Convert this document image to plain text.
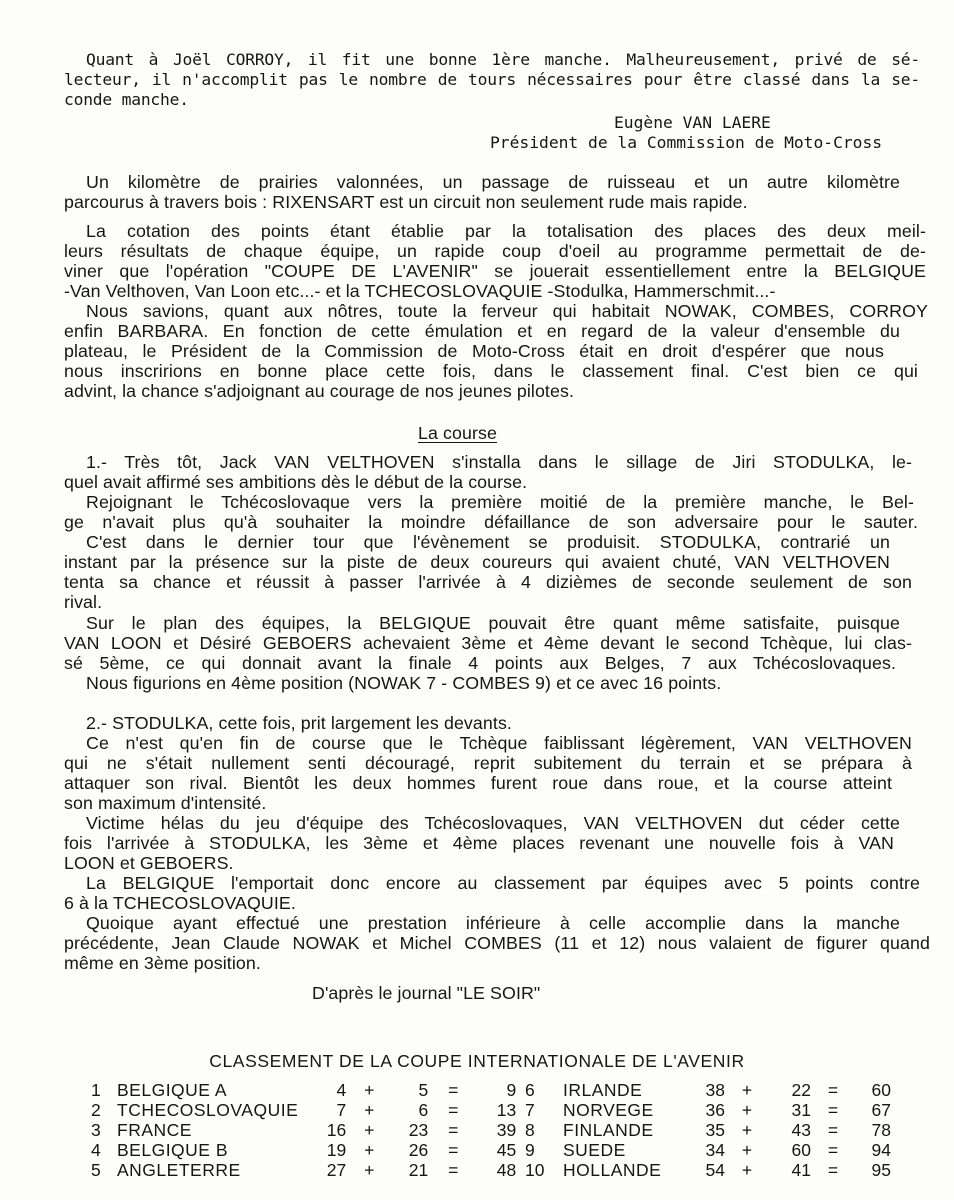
Quant à Joël CORROY, il fit une bonne 1ère manche. Malheureusement, privé de sé-
lecteur, il n'accomplit pas le nombre de tours nécessaires pour être classé dans la se-
conde manche.
Eugène VAN LAERE
Président de la Commission de Moto-Cross
Un kilomètre de prairies valonnées, un passage de ruisseau et un autre kilomètre
parcourus à travers bois : RIXENSART est un circuit non seulement rude mais rapide.
La cotation des points étant établie par la totalisation des places des deux meil-
leurs résultats de chaque équipe, un rapide coup d'oeil au programme permettait de de-
viner que l'opération "COUPE DE L'AVENIR" se jouerait essentiellement entre la BELGIQUE
-Van Velthoven, Van Loon etc...- et la TCHECOSLOVAQUIE -Stodulka, Hammerschmit...-
Nous savions, quant aux nôtres, toute la ferveur qui habitait NOWAK, COMBES, CORROY
enfin BARBARA. En fonction de cette émulation et en regard de la valeur d'ensemble du
plateau, le Président de la Commission de Moto-Cross était en droit d'espérer que nous
nous inscririons en bonne place cette fois, dans le classement final. C'est bien ce qui
advint, la chance s'adjoignant au courage de nos jeunes pilotes.
La course
1.- Très tôt, Jack VAN VELTHOVEN s'installa dans le sillage de Jiri STODULKA, le-
quel avait affirmé ses ambitions dès le début de la course.
Rejoignant le Tchécoslovaque vers la première moitié de la première manche, le Bel-
ge n'avait plus qu'à souhaiter la moindre défaillance de son adversaire pour le sauter.
C'est dans le dernier tour que l'évènement se produisit. STODULKA, contrarié un
instant par la présence sur la piste de deux coureurs qui avaient chuté, VAN VELTHOVEN
tenta sa chance et réussit à passer l'arrivée à 4 dizièmes de seconde seulement de son
rival.
Sur le plan des équipes, la BELGIQUE pouvait être quant même satisfaite, puisque
VAN LOON et Désiré GEBOERS achevaient 3ème et 4ème devant le second Tchèque, lui clas-
sé 5ème, ce qui donnait avant la finale 4 points aux Belges, 7 aux Tchécoslovaques.
Nous figurions en 4ème position (NOWAK 7 - COMBES 9) et ce avec 16 points.
2.- STODULKA, cette fois, prit largement les devants.
Ce n'est qu'en fin de course que le Tchèque faiblissant légèrement, VAN VELTHOVEN
qui ne s'était nullement senti découragé, reprit subitement du terrain et se prépara à
attaquer son rival. Bientôt les deux hommes furent roue dans roue, et la course atteint
son maximum d'intensité.
Victime hélas du jeu d'équipe des Tchécoslovaques, VAN VELTHOVEN dut céder cette
fois l'arrivée à STODULKA, les 3ème et 4ème places revenant une nouvelle fois à VAN
LOON et GEBOERS.
La BELGIQUE l'emportait donc encore au classement par équipes avec 5 points contre
6 à la TCHECOSLOVAQUIE.
Quoique ayant effectué une prestation inférieure à celle accomplie dans la manche
précédente, Jean Claude NOWAK et Michel COMBES (11 et 12) nous valaient de figurer quand
même en 3ème position.
D'après le journal "LE SOIR"
CLASSEMENT DE LA COUPE INTERNATIONALE DE L'AVENIR
1	BELGIQUE A	4	+	5	=	9
2	TCHECOSLOVAQUIE	7	+	6	=	13
3	FRANCE	16	+	23	=	39
4	BELGIQUE B	19	+	26	=	45
5	ANGLETERRE	27	+	21	=	48
6	IRLANDE	38	+	22	=	60
7	NORVEGE	36	+	31	=	67
8	FINLANDE	35	+	43	=	78
9	SUEDE	34	+	60	=	94
10	HOLLANDE	54	+	41	=	95
